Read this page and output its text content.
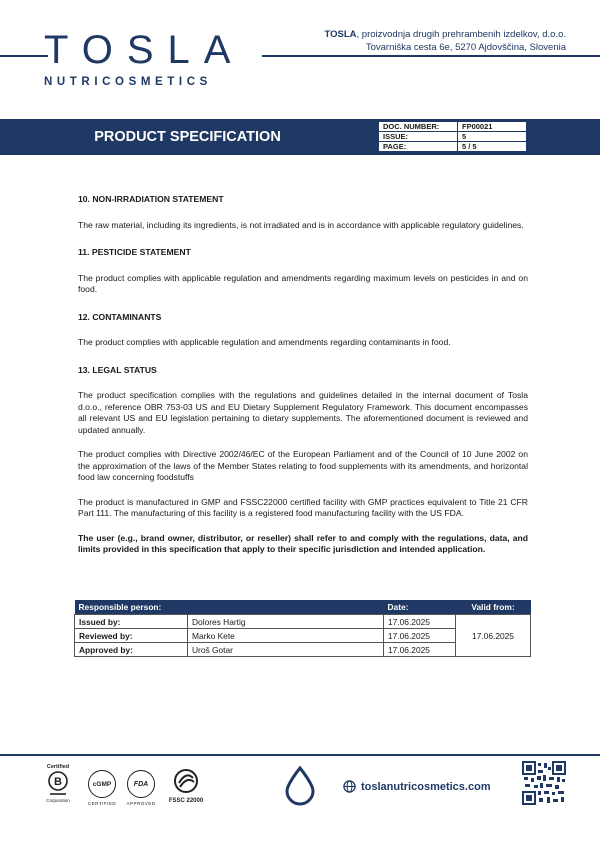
TOSLA
NUTRICOSMETICS
TOSLA, proizvodnja drugih prehrambenih izdelkov, d.o.o.
Tovarniška cesta 6e, 5270 Ajdovščina, Slovenia
PRODUCT SPECIFICATION
DOC. NUMBER:	FP00021
ISSUE:	5
PAGE:	5 / 5
10. NON-IRRADIATION STATEMENT
The raw material, including its ingredients, is not irradiated and is in accordance with applicable regulatory guidelines.
11. PESTICIDE STATEMENT
The product complies with applicable regulation and amendments regarding maximum levels on pesticides in and on food.
12. CONTAMINANTS
The product complies with applicable regulation and amendments regarding contaminants in food.
13. LEGAL STATUS
The product specification complies with the regulations and guidelines detailed in the internal document of Tosla d.o.o., reference OBR 753-03 US and EU Dietary Supplement Regulatory Framework. This document encompasses all relevant US and EU legislation pertaining to dietary supplements. The aforementioned document is reviewed and updated annually.
The product complies with Directive 2002/46/EC of the European Parliament and of the Council of 10 June 2002 on the approximation of the laws of the Member States relating to food supplements with its amendments, and horizontal food law concerning foodstuffs
The product is manufactured in GMP and FSSC22000 certified facility with GMP practices equivalent to Title 21 CFR Part 111. The manufacturing of this facility is a registered food manufacturing facility with the US FDA.
The user (e.g., brand owner, distributor, or reseller) shall refer to and comply with the regulations, data, and limits provided in this specification that apply to their specific jurisdiction and intended application.
Responsible person:		Date:	Valid from:
Issued by:	Dolores Hartig	17.06.2025	17.06.2025
Reviewed by:	Marko Kete	17.06.2025	
Approved by:	Uroš Gotar	17.06.2025	
Certified
B
Corporation
cGMP
CERTIFIED
FDA
APPROVED	FSSC 22000
toslanutricosmetics.com
